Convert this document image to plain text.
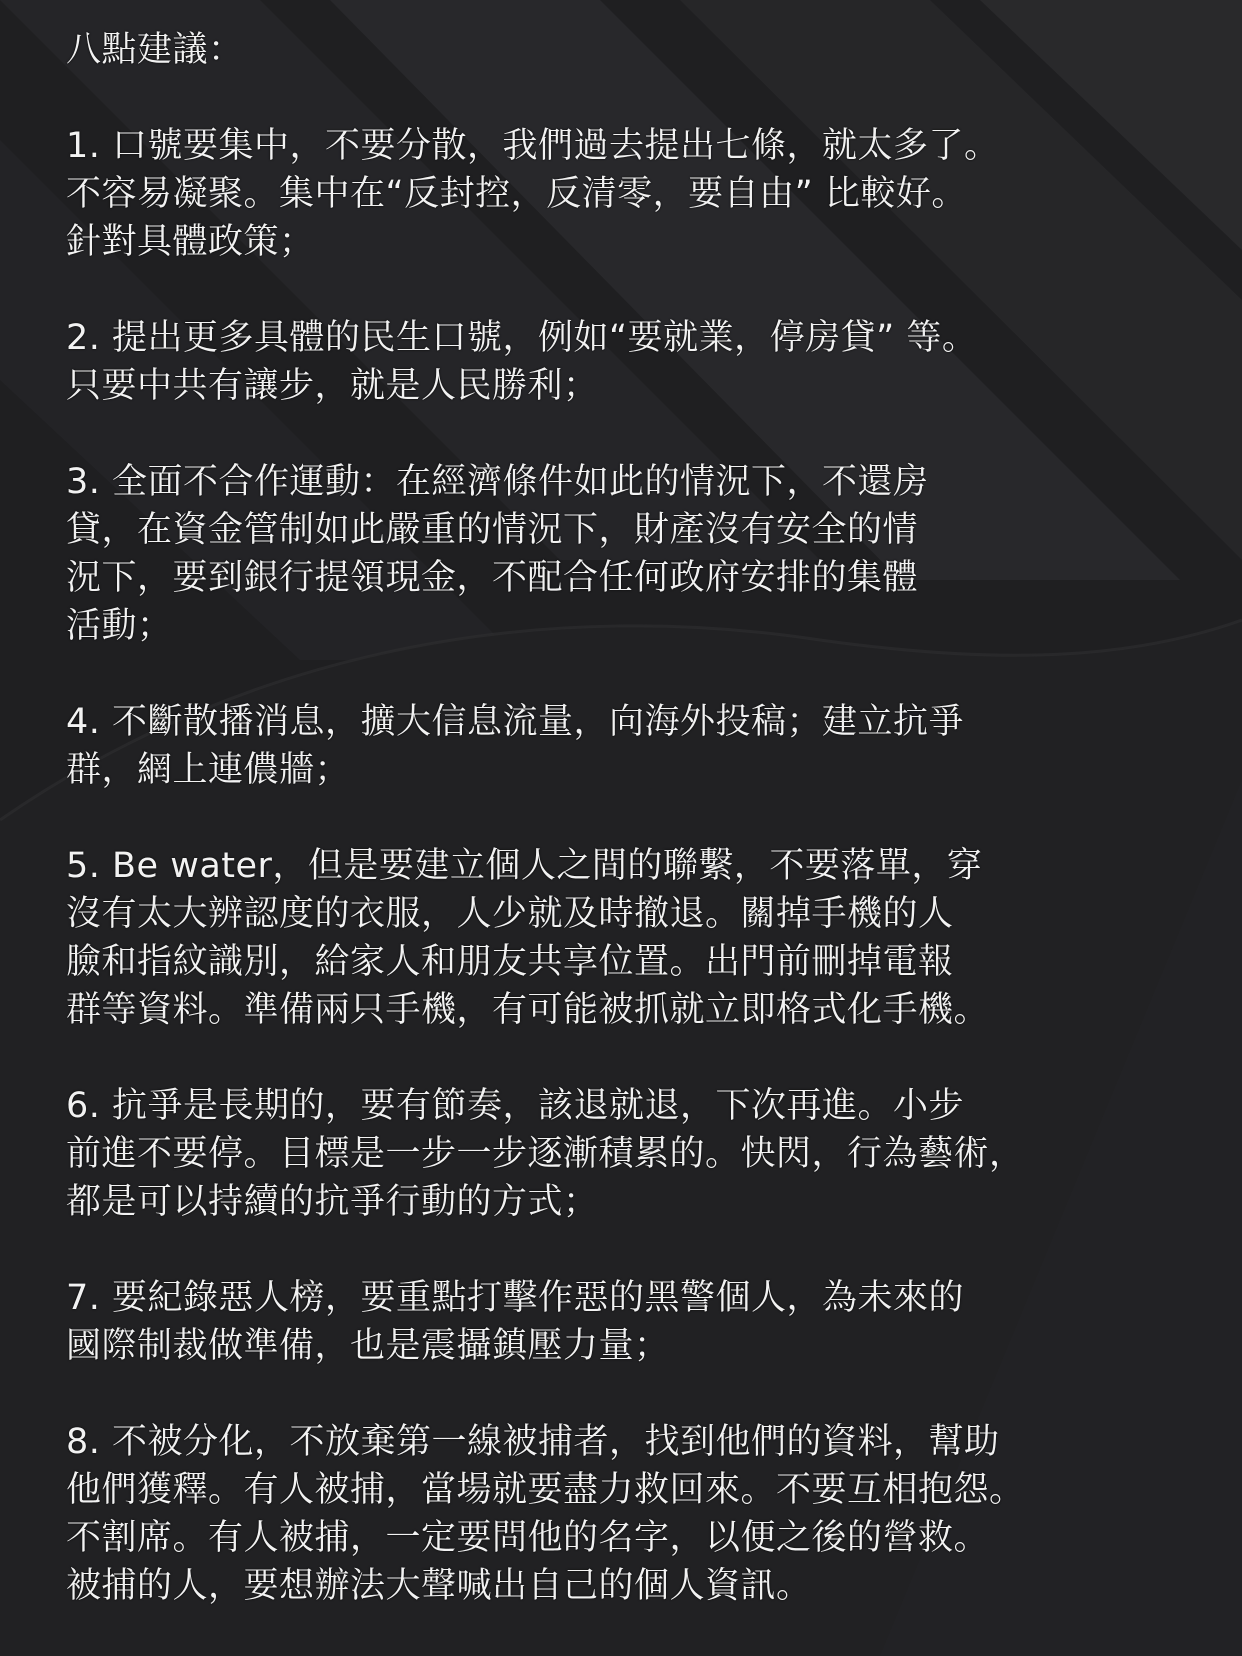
八點建議：
1. 口號要集中，不要分散，我們過去提出七條，就太多了。
不容易凝聚。集中在“反封控，反清零，要自由” 比較好。
針對具體政策；
2. 提出更多具體的民生口號，例如“要就業，停房貸” 等。
只要中共有讓步，就是人民勝利；
3. 全面不合作運動：在經濟條件如此的情況下，不還房
貸，在資金管制如此嚴重的情況下，財產沒有安全的情
況下，要到銀行提領現金，不配合任何政府安排的集體
活動；
4. 不斷散播消息，擴大信息流量，向海外投稿；建立抗爭
群，網上連儂牆；
5. Be water，但是要建立個人之間的聯繫，不要落單，穿
沒有太大辨認度的衣服，人少就及時撤退。關掉手機的人
臉和指紋識別，給家人和朋友共享位置。出門前刪掉電報
群等資料。準備兩只手機，有可能被抓就立即格式化手機。
6. 抗爭是長期的，要有節奏，該退就退，下次再進。小步
前進不要停。目標是一步一步逐漸積累的。快閃，行為藝術，
都是可以持續的抗爭行動的方式；
7. 要紀錄惡人榜，要重點打擊作惡的黑警個人，為未來的
國際制裁做準備，也是震攝鎮壓力量；
8. 不被分化，不放棄第一線被捕者，找到他們的資料，幫助
他們獲釋。有人被捕，當場就要盡力救回來。不要互相抱怨。
不割席。有人被捕，一定要問他的名字，以便之後的營救。
被捕的人，要想辦法大聲喊出自己的個人資訊。
